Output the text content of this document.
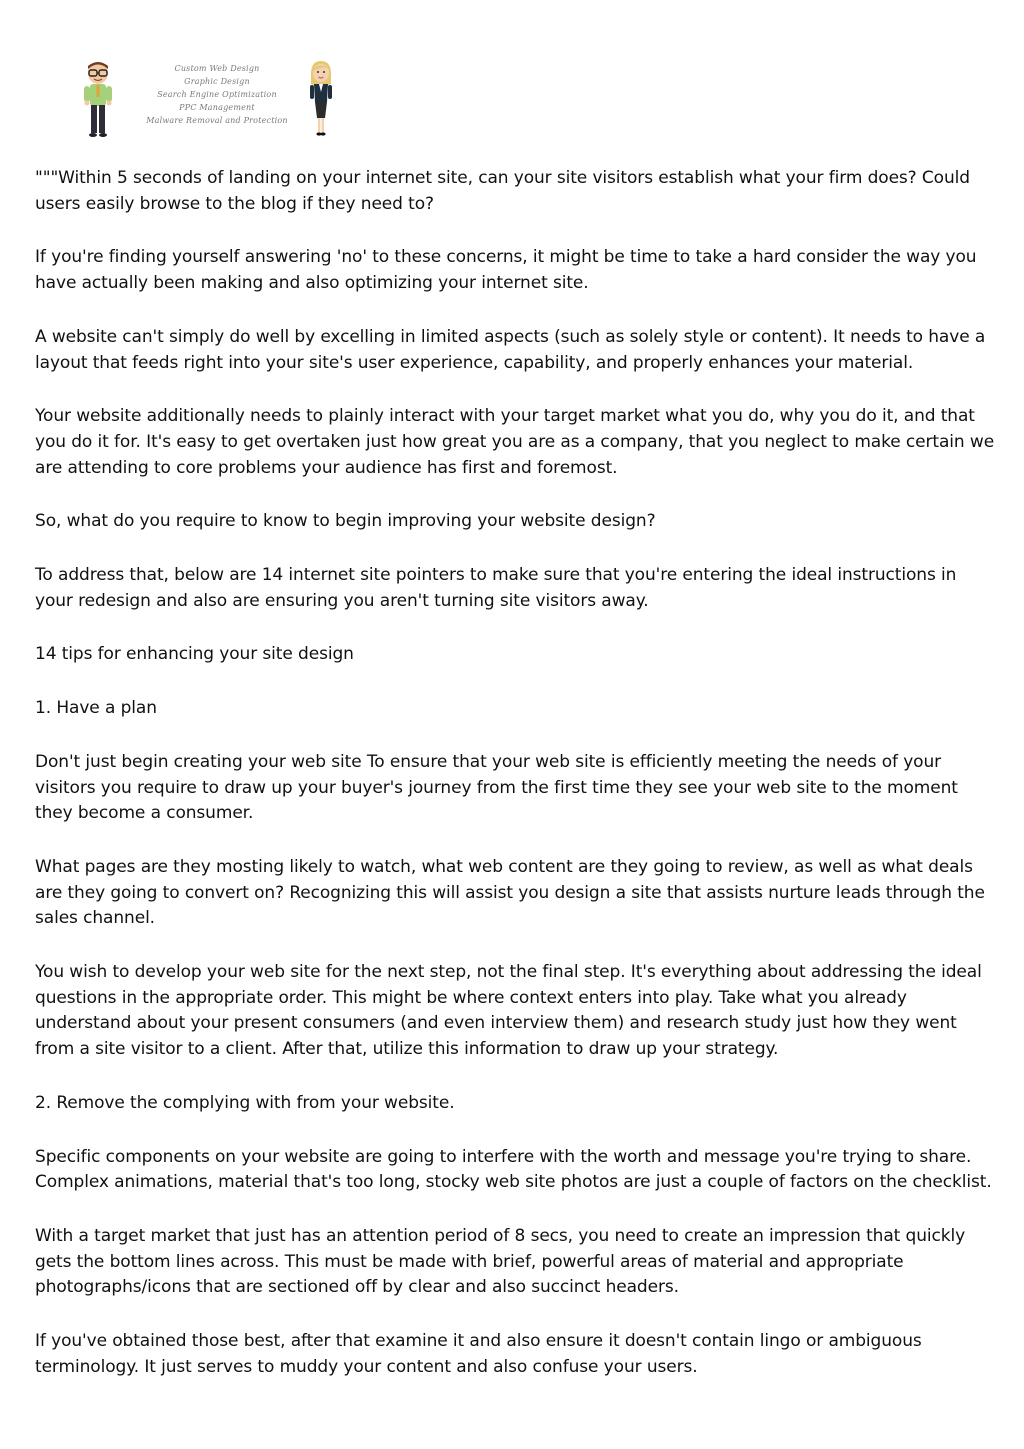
Custom Web Design
Graphic Design
Search Engine Optimization
PPC Management
Malware Removal and Protection

"""Within 5 seconds of landing on your internet site, can your site visitors establish what your firm does? Could users easily browse to the blog if they need to?

If you're finding yourself answering 'no' to these concerns, it might be time to take a hard consider the way you have actually been making and also optimizing your internet site.

A website can't simply do well by excelling in limited aspects (such as solely style or content). It needs to have a layout that feeds right into your site's user experience, capability, and properly enhances your material.

Your website additionally needs to plainly interact with your target market what you do, why you do it, and that you do it for. It's easy to get overtaken just how great you are as a company, that you neglect to make certain we are attending to core problems your audience has first and foremost.

So, what do you require to know to begin improving your website design?

To address that, below are 14 internet site pointers to make sure that you're entering the ideal instructions in your redesign and also are ensuring you aren't turning site visitors away.

14 tips for enhancing your site design

1. Have a plan

Don't just begin creating your web site To ensure that your web site is efficiently meeting the needs of your visitors you require to draw up your buyer's journey from the first time they see your web site to the moment they become a consumer.

What pages are they mosting likely to watch, what web content are they going to review, as well as what deals are they going to convert on? Recognizing this will assist you design a site that assists nurture leads through the sales channel.

You wish to develop your web site for the next step, not the final step. It's everything about addressing the ideal questions in the appropriate order. This might be where context enters into play. Take what you already understand about your present consumers (and even interview them) and research study just how they went from a site visitor to a client. After that, utilize this information to draw up your strategy.

2. Remove the complying with from your website.

Specific components on your website are going to interfere with the worth and message you're trying to share. Complex animations, material that's too long, stocky web site photos are just a couple of factors on the checklist.

With a target market that just has an attention period of 8 secs, you need to create an impression that quickly gets the bottom lines across. This must be made with brief, powerful areas of material and appropriate photographs/icons that are sectioned off by clear and also succinct headers.

If you've obtained those best, after that examine it and also ensure it doesn't contain lingo or ambiguous terminology. It just serves to muddy your content and also confuse your users.
